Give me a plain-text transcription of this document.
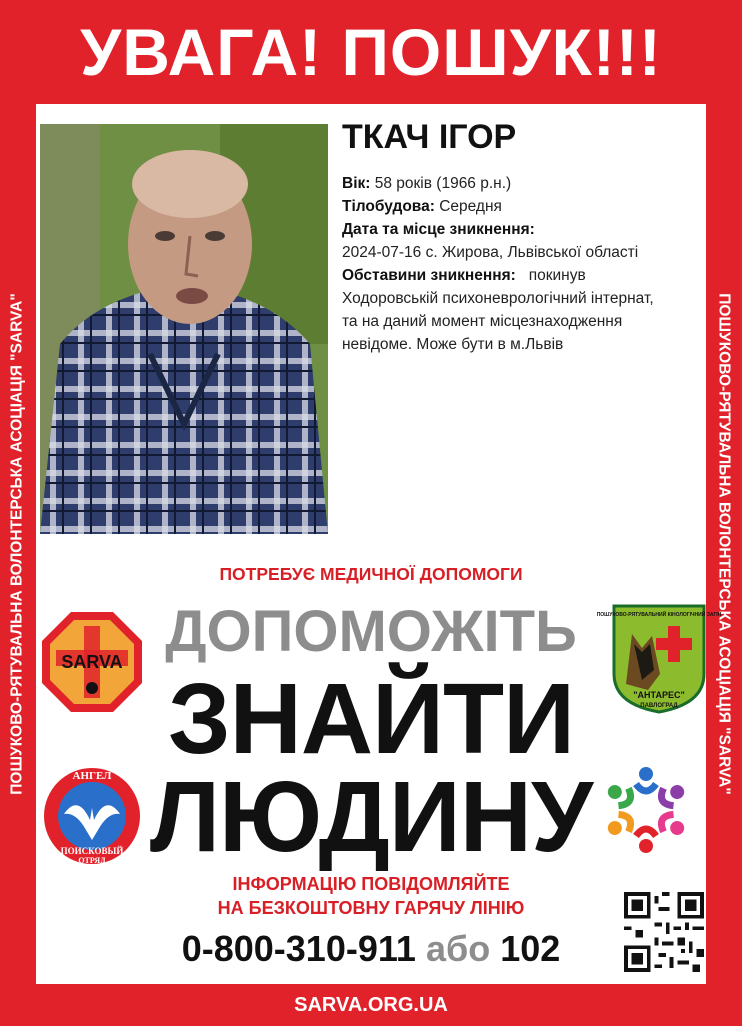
УВАГА! ПОШУК!!!
ПОШУКОВО-РЯТУВАЛЬНА ВОЛОНТЕРСЬКА АСОЦІАЦІЯ "SARVA"	ПОШУКОВО-РЯТУВАЛЬНА ВОЛОНТЕРСЬКА АСОЦІАЦІЯ "SARVA"
ТКАЧ ІГОР
Вік: 58 років (1966 р.н.)
Тілобудова: Середня
Дата та місце зникнення:
2024-07-16 с. Жирова, Львівської області
Обставини зникнення: покинув
Ходоровській психоневрологічний інтернат,
та на даний момент місцезнаходження
невідоме. Може бути в м.Львів
ПОТРЕБУЄ МЕДИЧНОЇ ДОПОМОГИ
ДОПОМОЖІТЬ
ЗНАЙТИ
ЛЮДИНУ
SARVA
ПОШУКОВО-РЯТУВАЛЬНИЙ КІНОЛОГІЧНИЙ ЗАГІН
"АНТАРЕС"
ПАВЛОГРАД
АНГЕЛ
ПОИСКОВЫЙ
ОТРЯД
ІНФОРМАЦІЮ ПОВІДОМЛЯЙТЕ
НА БЕЗКОШТОВНУ ГАРЯЧУ ЛІНІЮ
0-800-310-911 або 102
SARVA.ORG.UA
